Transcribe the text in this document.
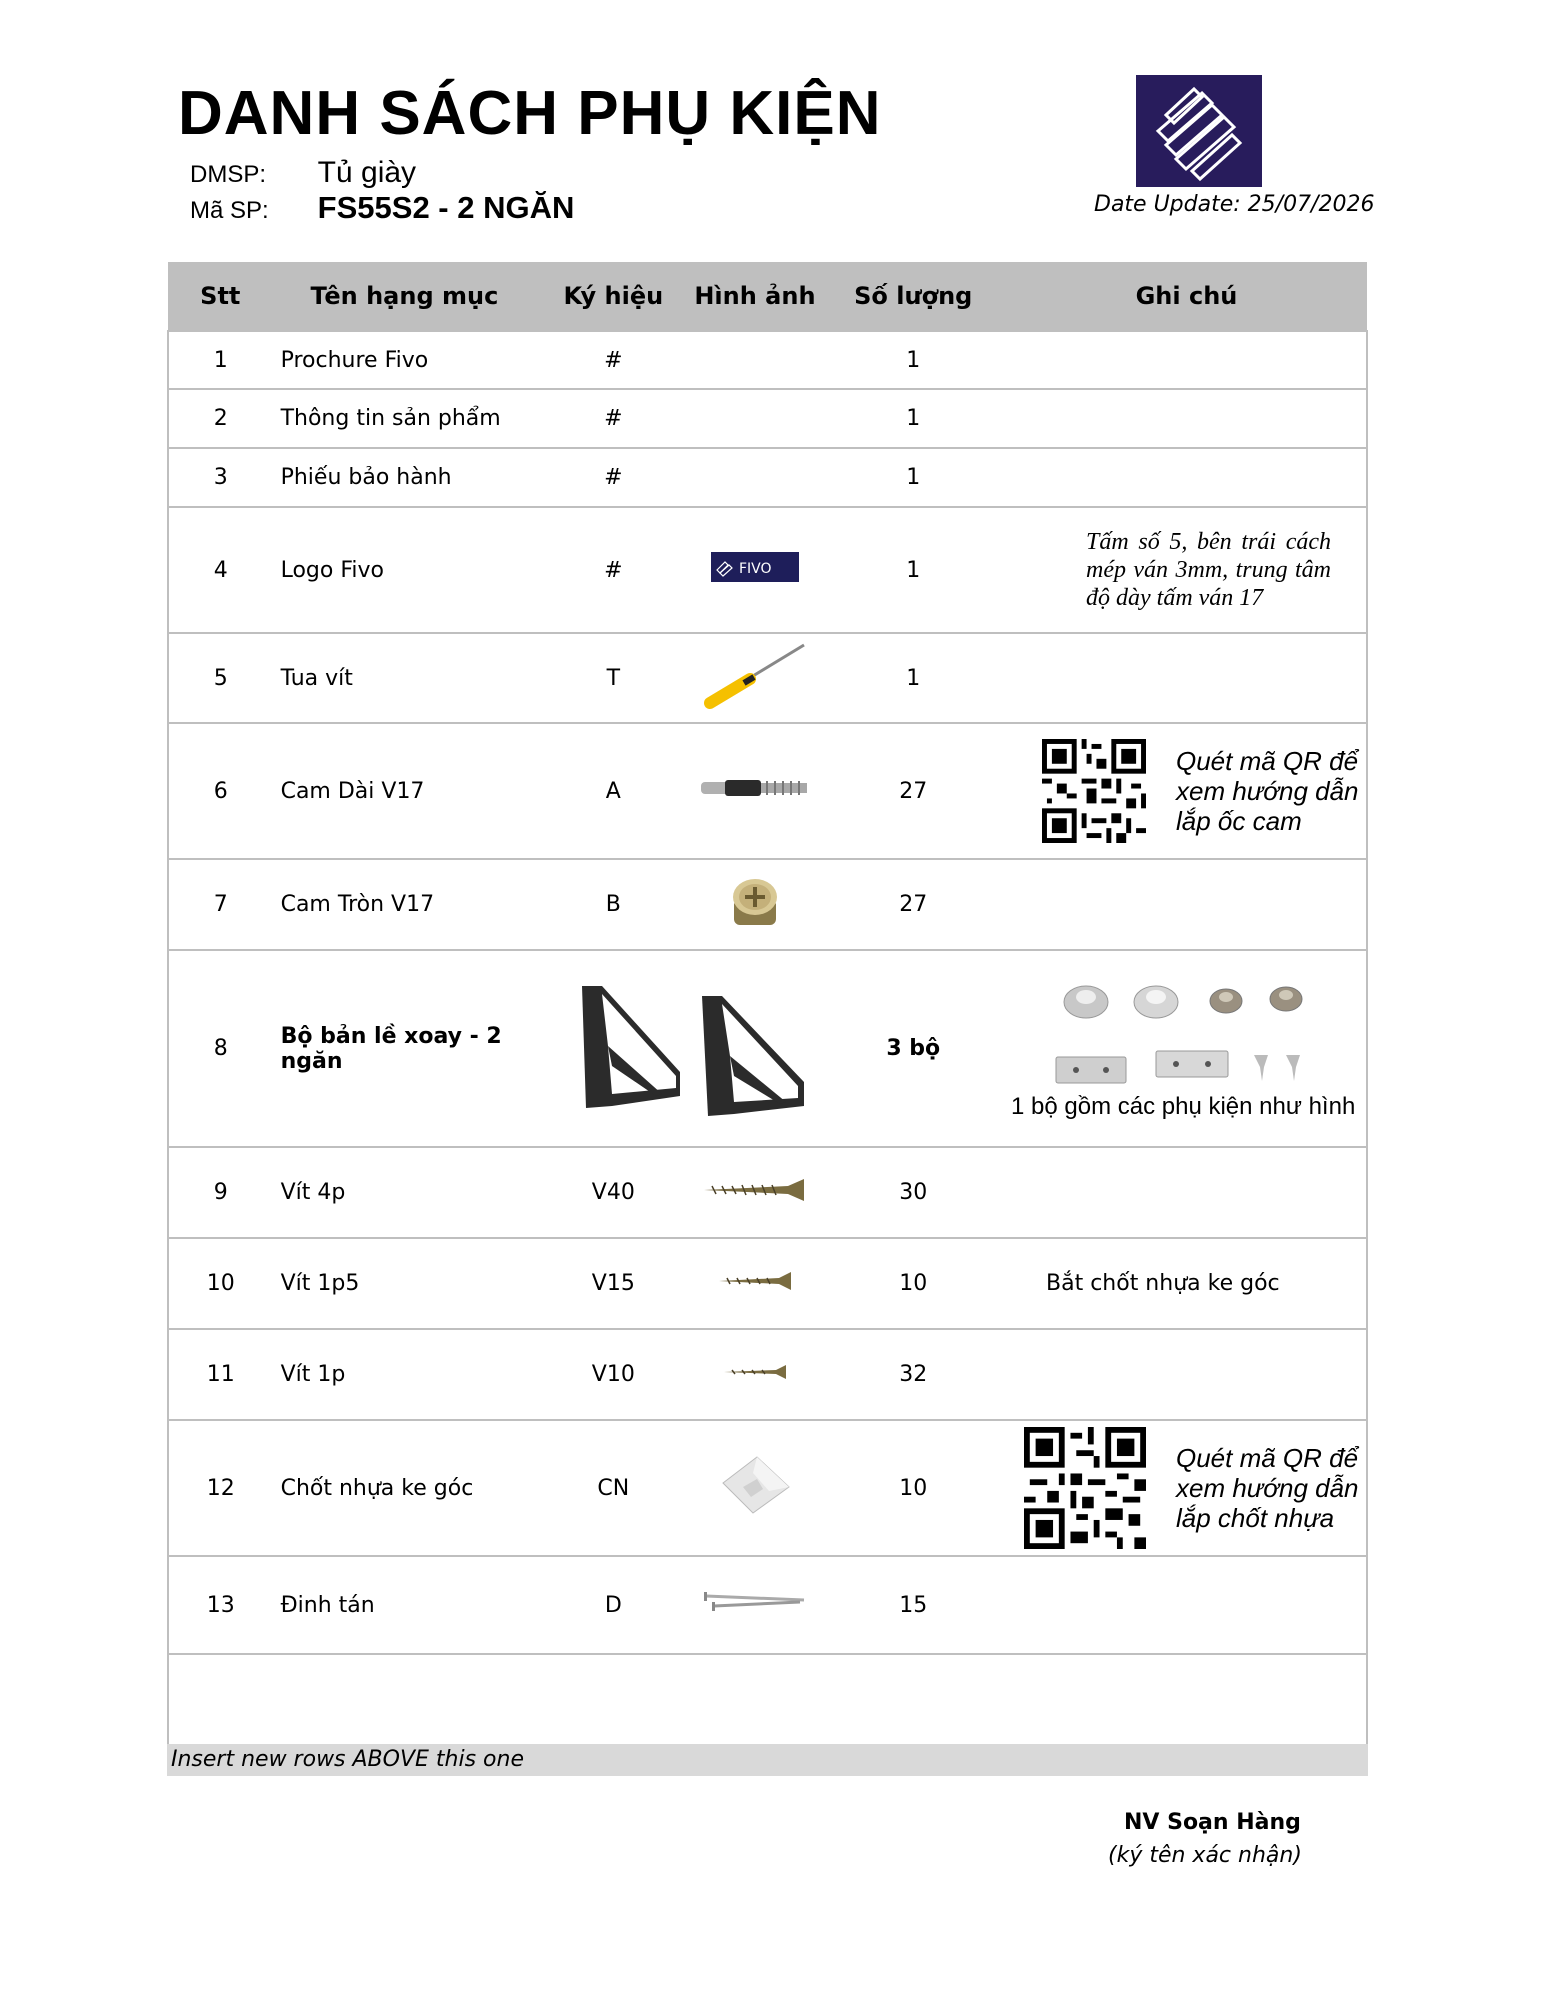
DANH SÁCH PHỤ KIỆN
DMSP: Tủ giày
Mã SP: FS55S2 - 2 NGĂN	Date Update: 25/07/2026
Stt	Tên hạng mục	Ký hiệu	Hình ảnh	Số lượng	Ghi chú
1	Prochure Fivo	#		1	
2	Thông tin sản phẩm	#		1	
3	Phiếu bảo hành	#		1	
4	Logo Fivo	#	FIVO	1	Tấm số 5, bên trái cách mép ván 3mm, trung tâm độ dày tấm ván 17

5	Tua vít	T		1	
6	Cam Dài V17	A		27	Quét mã QR để xem hướng dẫn lắp ốc cam

7	Cam Tròn V17	B		27	
8	Bộ bản lề xoay - 2 ngăn			3 bộ	1 bộ gồm các phụ kiện như hình

9	Vít 4p	V40		30	
10	Vít 1p5	V15		10	Bắt chốt nhựa ke góc
11	Vít 1p	V10		32	
12	Chốt nhựa ke góc	CN		10	Quét mã QR để xem hướng dẫn lắp chốt nhựa

13	Đinh tán	D		15	

Insert new rows ABOVE this one
NV Soạn Hàng
(ký tên xác nhận)
